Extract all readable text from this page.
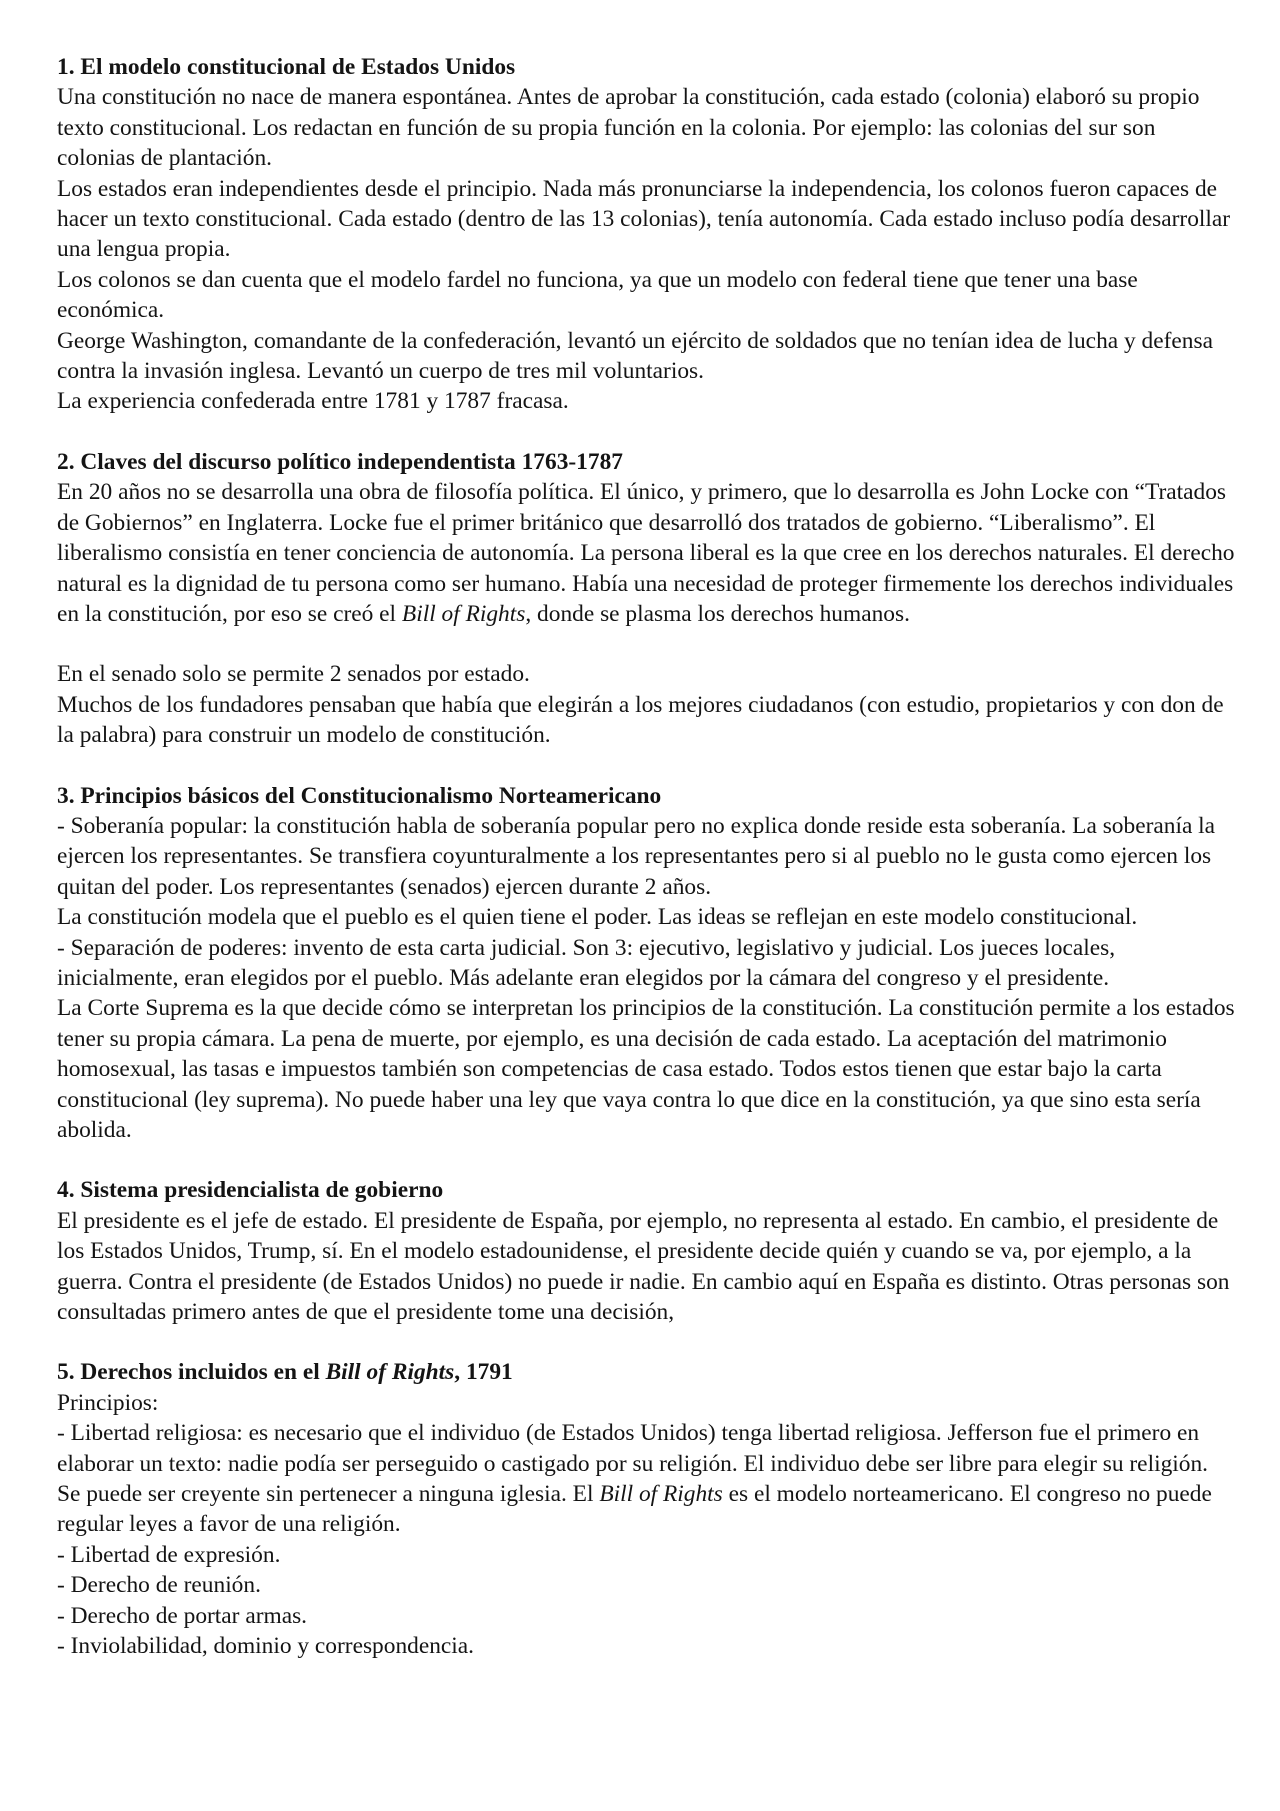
1. El modelo constitucional de Estados Unidos

Una constitución no nace de manera espontánea. Antes de aprobar la constitución, cada estado (colonia) elaboró su propio texto constitucional. Los redactan en función de su propia función en la colonia. Por ejemplo: las colonias del sur son colonias de plantación.

Los estados eran independientes desde el principio. Nada más pronunciarse la independencia, los colonos fueron capaces de hacer un texto constitucional. Cada estado (dentro de las 13 colonias), tenía autonomía. Cada estado incluso podía desarrollar una lengua propia.

Los colonos se dan cuenta que el modelo fardel no funciona, ya que un modelo con federal tiene que tener una base económica.

George Washington, comandante de la confederación, levantó un ejército de soldados que no tenían idea de lucha y defensa contra la invasión inglesa. Levantó un cuerpo de tres mil voluntarios.

La experiencia confederada entre 1781 y 1787 fracasa.

2. Claves del discurso político independentista 1763-1787

En 20 años no se desarrolla una obra de filosofía política. El único, y primero, que lo desarrolla es John Locke con “Tratados de Gobiernos” en Inglaterra. Locke fue el primer británico que desarrolló dos tratados de gobierno. “Liberalismo”. El liberalismo consistía en tener conciencia de autonomía. La persona liberal es la que cree en los derechos naturales. El derecho natural es la dignidad de tu persona como ser humano. Había una necesidad de proteger firmemente los derechos individuales en la constitución, por eso se creó el Bill of Rights, donde se plasma los derechos humanos.

En el senado solo se permite 2 senados por estado.

Muchos de los fundadores pensaban que había que elegirán a los mejores ciudadanos (con estudio, propietarios y con don de la palabra) para construir un modelo de constitución.

3. Principios básicos del Constitucionalismo Norteamericano

- Soberanía popular: la constitución habla de soberanía popular pero no explica donde reside esta soberanía. La soberanía la ejercen los representantes. Se transfiera coyunturalmente a los representantes pero si al pueblo no le gusta como ejercen los quitan del poder. Los representantes (senados) ejercen durante 2 años.

La constitución modela que el pueblo es el quien tiene el poder. Las ideas se reflejan en este modelo constitucional.

- Separación de poderes: invento de esta carta judicial. Son 3: ejecutivo, legislativo y judicial. Los jueces locales, inicialmente, eran elegidos por el pueblo. Más adelante eran elegidos por la cámara del congreso y el presidente.

La Corte Suprema es la que decide cómo se interpretan los principios de la constitución. La constitución permite a los estados tener su propia cámara. La pena de muerte, por ejemplo, es una decisión de cada estado. La aceptación del matrimonio homosexual, las tasas e impuestos también son competencias de casa estado. Todos estos tienen que estar bajo la carta constitucional (ley suprema). No puede haber una ley que vaya contra lo que dice en la constitución, ya que sino esta sería abolida.

4. Sistema presidencialista de gobierno

El presidente es el jefe de estado. El presidente de España, por ejemplo, no representa al estado. En cambio, el presidente de los Estados Unidos, Trump, sí. En el modelo estadounidense, el presidente decide quién y cuando se va, por ejemplo, a la guerra. Contra el presidente (de Estados Unidos) no puede ir nadie. En cambio aquí en España es distinto. Otras personas son consultadas primero antes de que el presidente tome una decisión,

5. Derechos incluidos en el Bill of Rights, 1791

Principios:

- Libertad religiosa: es necesario que el individuo (de Estados Unidos) tenga libertad religiosa. Jefferson fue el primero en elaborar un texto: nadie podía ser perseguido o castigado por su religión. El individuo debe ser libre para elegir su religión. Se puede ser creyente sin pertenecer a ninguna iglesia. El Bill of Rights es el modelo norteamericano. El congreso no puede regular leyes a favor de una religión.

- Libertad de expresión.

- Derecho de reunión.

- Derecho de portar armas.

- Inviolabilidad, dominio y correspondencia.
